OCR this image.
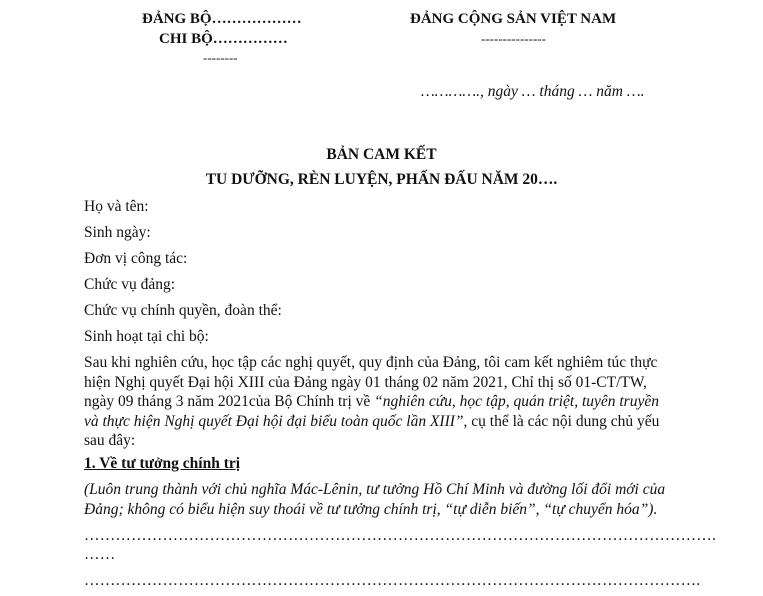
ĐẢNG BỘ………………
CHI BỘ……………
--------
ĐẢNG CỘNG SẢN VIỆT NAM
---------------
…………., ngày … tháng … năm ….
BẢN CAM KẾT
TU DƯỠNG, RÈN LUYỆN, PHẤN ĐẤU NĂM 20….
Họ và tên:
Sinh ngày:
Đơn vị công tác:
Chức vụ đảng:
Chức vụ chính quyền, đoàn thể:
Sinh hoạt tại chi bộ:

Sau khi nghiên cứu, học tập các nghị quyết, quy định của Đảng, tôi cam kết nghiêm túc thực

hiện Nghị quyết Đại hội XIII của Đảng ngày 01 tháng 02 năm 2021, Chỉ thị số 01-CT/TW,

ngày 09 tháng 3 năm 2021của Bộ Chính trị về “nghiên cứu, học tập, quán triệt, tuyên truyền

và thực hiện Nghị quyết Đại hội đại biểu toàn quốc lần XIII”, cụ thể là các nội dung chủ yếu

sau đây:

1. Về tư tưởng chính trị
(Luôn trung thành với chủ nghĩa Mác-Lênin, tư tưởng Hồ Chí Minh và đường lối đổi mới của
Đảng; không có biểu hiện suy thoái về tư tưởng chính trị, “tự diễn biến”, “tự chuyển hóa”).
………………………………………………………………………………………………………….
……
……………………………………………………………………………………………………….
